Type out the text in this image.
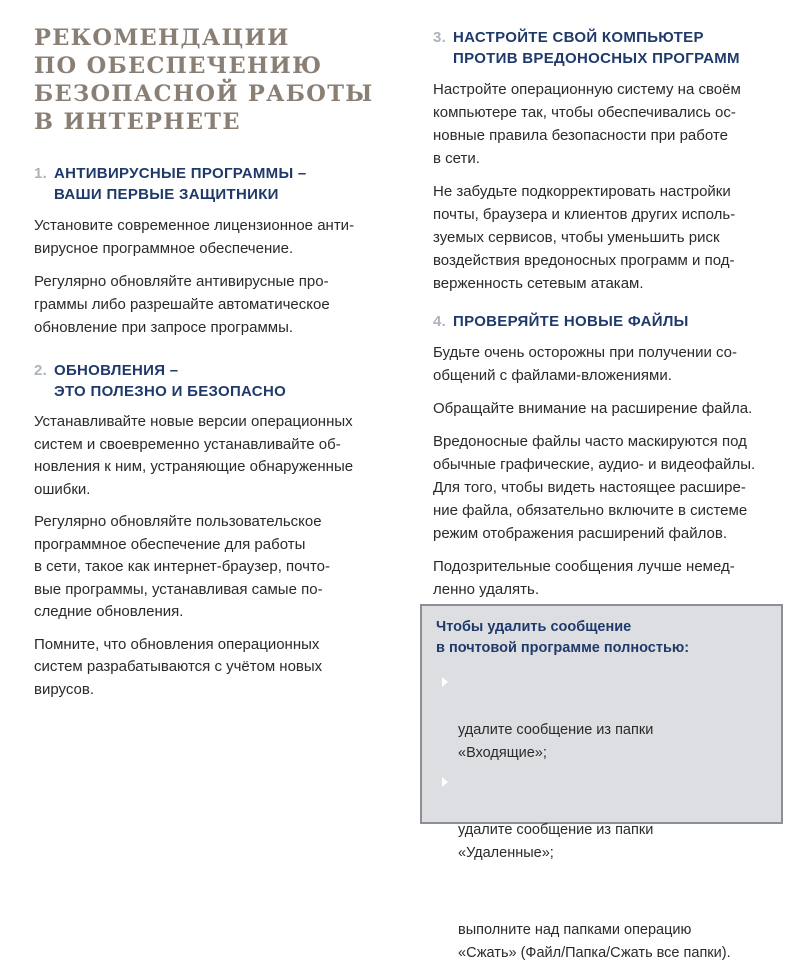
РЕКОМЕНДАЦИИ
ПО ОБЕСПЕЧЕНИЮ
БЕЗОПАСНОЙ РАБОТЫ
В ИНТЕРНЕТЕ
1. АНТИВИРУСНЫЕ ПРОГРАММЫ –
ВАШИ ПЕРВЫЕ ЗАЩИТНИКИ

Установите современное лицензионное анти-
вирусное программное обеспечение.

Регулярно обновляйте антивирусные про-
граммы либо разрешайте автоматическое
обновление при запросе программы.

2. ОБНОВЛЕНИЯ –
ЭТО ПОЛЕЗНО И БЕЗОПАСНО

Устанавливайте новые версии операционных
систем и своевременно устанавливайте об-
новления к ним, устраняющие обнаруженные
ошибки.

Регулярно обновляйте пользовательское
программное обеспечение для работы
в сети, такое как интернет-браузер, почто-
вые программы, устанавливая самые по-
следние обновления.

Помните, что обновления операционных
систем разрабатываются с учётом новых
вирусов.

3. НАСТРОЙТЕ СВОЙ КОМПЬЮТЕР
ПРОТИВ ВРЕДОНОСНЫХ ПРОГРАММ

Настройте операционную систему на своём
компьютере так, чтобы обеспечивались ос-
новные правила безопасности при работе
в сети.

Не забудьте подкорректировать настройки
почты, браузера и клиентов других исполь-
зуемых сервисов, чтобы уменьшить риск
воздействия вредоносных программ и под-
верженность сетевым атакам.

4. ПРОВЕРЯЙТЕ НОВЫЕ ФАЙЛЫ

Будьте очень осторожны при получении со-
общений с файлами-вложениями.

Обращайте внимание на расширение файла.

Вредоносные файлы часто маскируются под
обычные графические, аудио- и видеофайлы.
Для того, чтобы видеть настоящее расшире-
ние файла, обязательно включите в системе
режим отображения расширений файлов.

Подозрительные сообщения лучше немед-
ленно удалять.

Чтобы удалить сообщение
в почтовой программе полностью:

удалите сообщение из папки
«Входящие»;

удалите сообщение из папки
«Удаленные»;

выполните над папками операцию
«Сжать» (Файл/Папка/Сжать все папки).
